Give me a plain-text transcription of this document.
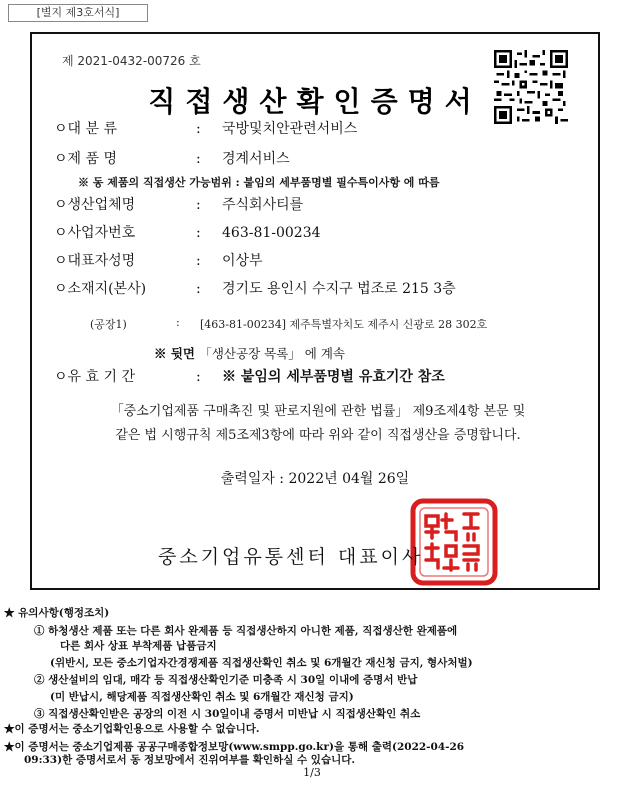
[별지 제3호서식]
제 2021-0432-00726 호
직접생산확인증명서
ㅇ대 분 류	:	국방및치안관련서비스
ㅇ제 품 명	:	경계서비스
※ 동 제품의 직접생산 가능범위 : 붙임의 세부품명별 필수특이사항 에 따름
ㅇ생산업체명	:	주식회사티를
ㅇ사업자번호	:	463-81-00234
ㅇ대표자성명	:	이상부
ㅇ소재지(본사)	:	경기도 용인시 수지구 법조로 215 3층
(공장1)	: [463-81-00234] 제주특별자치도 제주시 신광로 28 302호
※ 뒷면 「생산공장 목록」 에 계속
ㅇ유 효 기 간	:	※ 붙임의 세부품명별 유효기간 참조
「중소기업제품 구매촉진 및 판로지원에 관한 법률」 제9조제4항 본문 및
같은 법 시행규칙 제5조제3항에 따라 위와 같이 직접생산을 증명합니다.
출력일자 : 2022년 04월 26일
중소기업유통센터 대표이사
★ 유의사항(행정조치)
① 하청생산 제품 또는 다른 회사 완제품 등 직접생산하지 아니한 제품, 직접생산한 완제품에
다른 회사 상표 부착제품 납품금지
(위반시, 모든 중소기업자간경쟁제품 직접생산확인 취소 및 6개월간 재신청 금지, 형사처벌)
② 생산설비의 임대, 매각 등 직접생산확인기준 미충족 시 30일 이내에 증명서 반납
(미 반납시, 해당제품 직접생산확인 취소 및 6개월간 재신청 금지)
③ 직접생산확인받은 공장의 이전 시 30일이내 증명서 미반납 시 직접생산확인 취소
★이 증명서는 중소기업확인용으로 사용할 수 없습니다.
★이 증명서는 중소기업제품 공공구매종합정보망(www.smpp.go.kr)을 통해 출력(2022-04-26
09:33)한 증명서로서 동 정보망에서 진위여부를 확인하실 수 있습니다.
1/3
